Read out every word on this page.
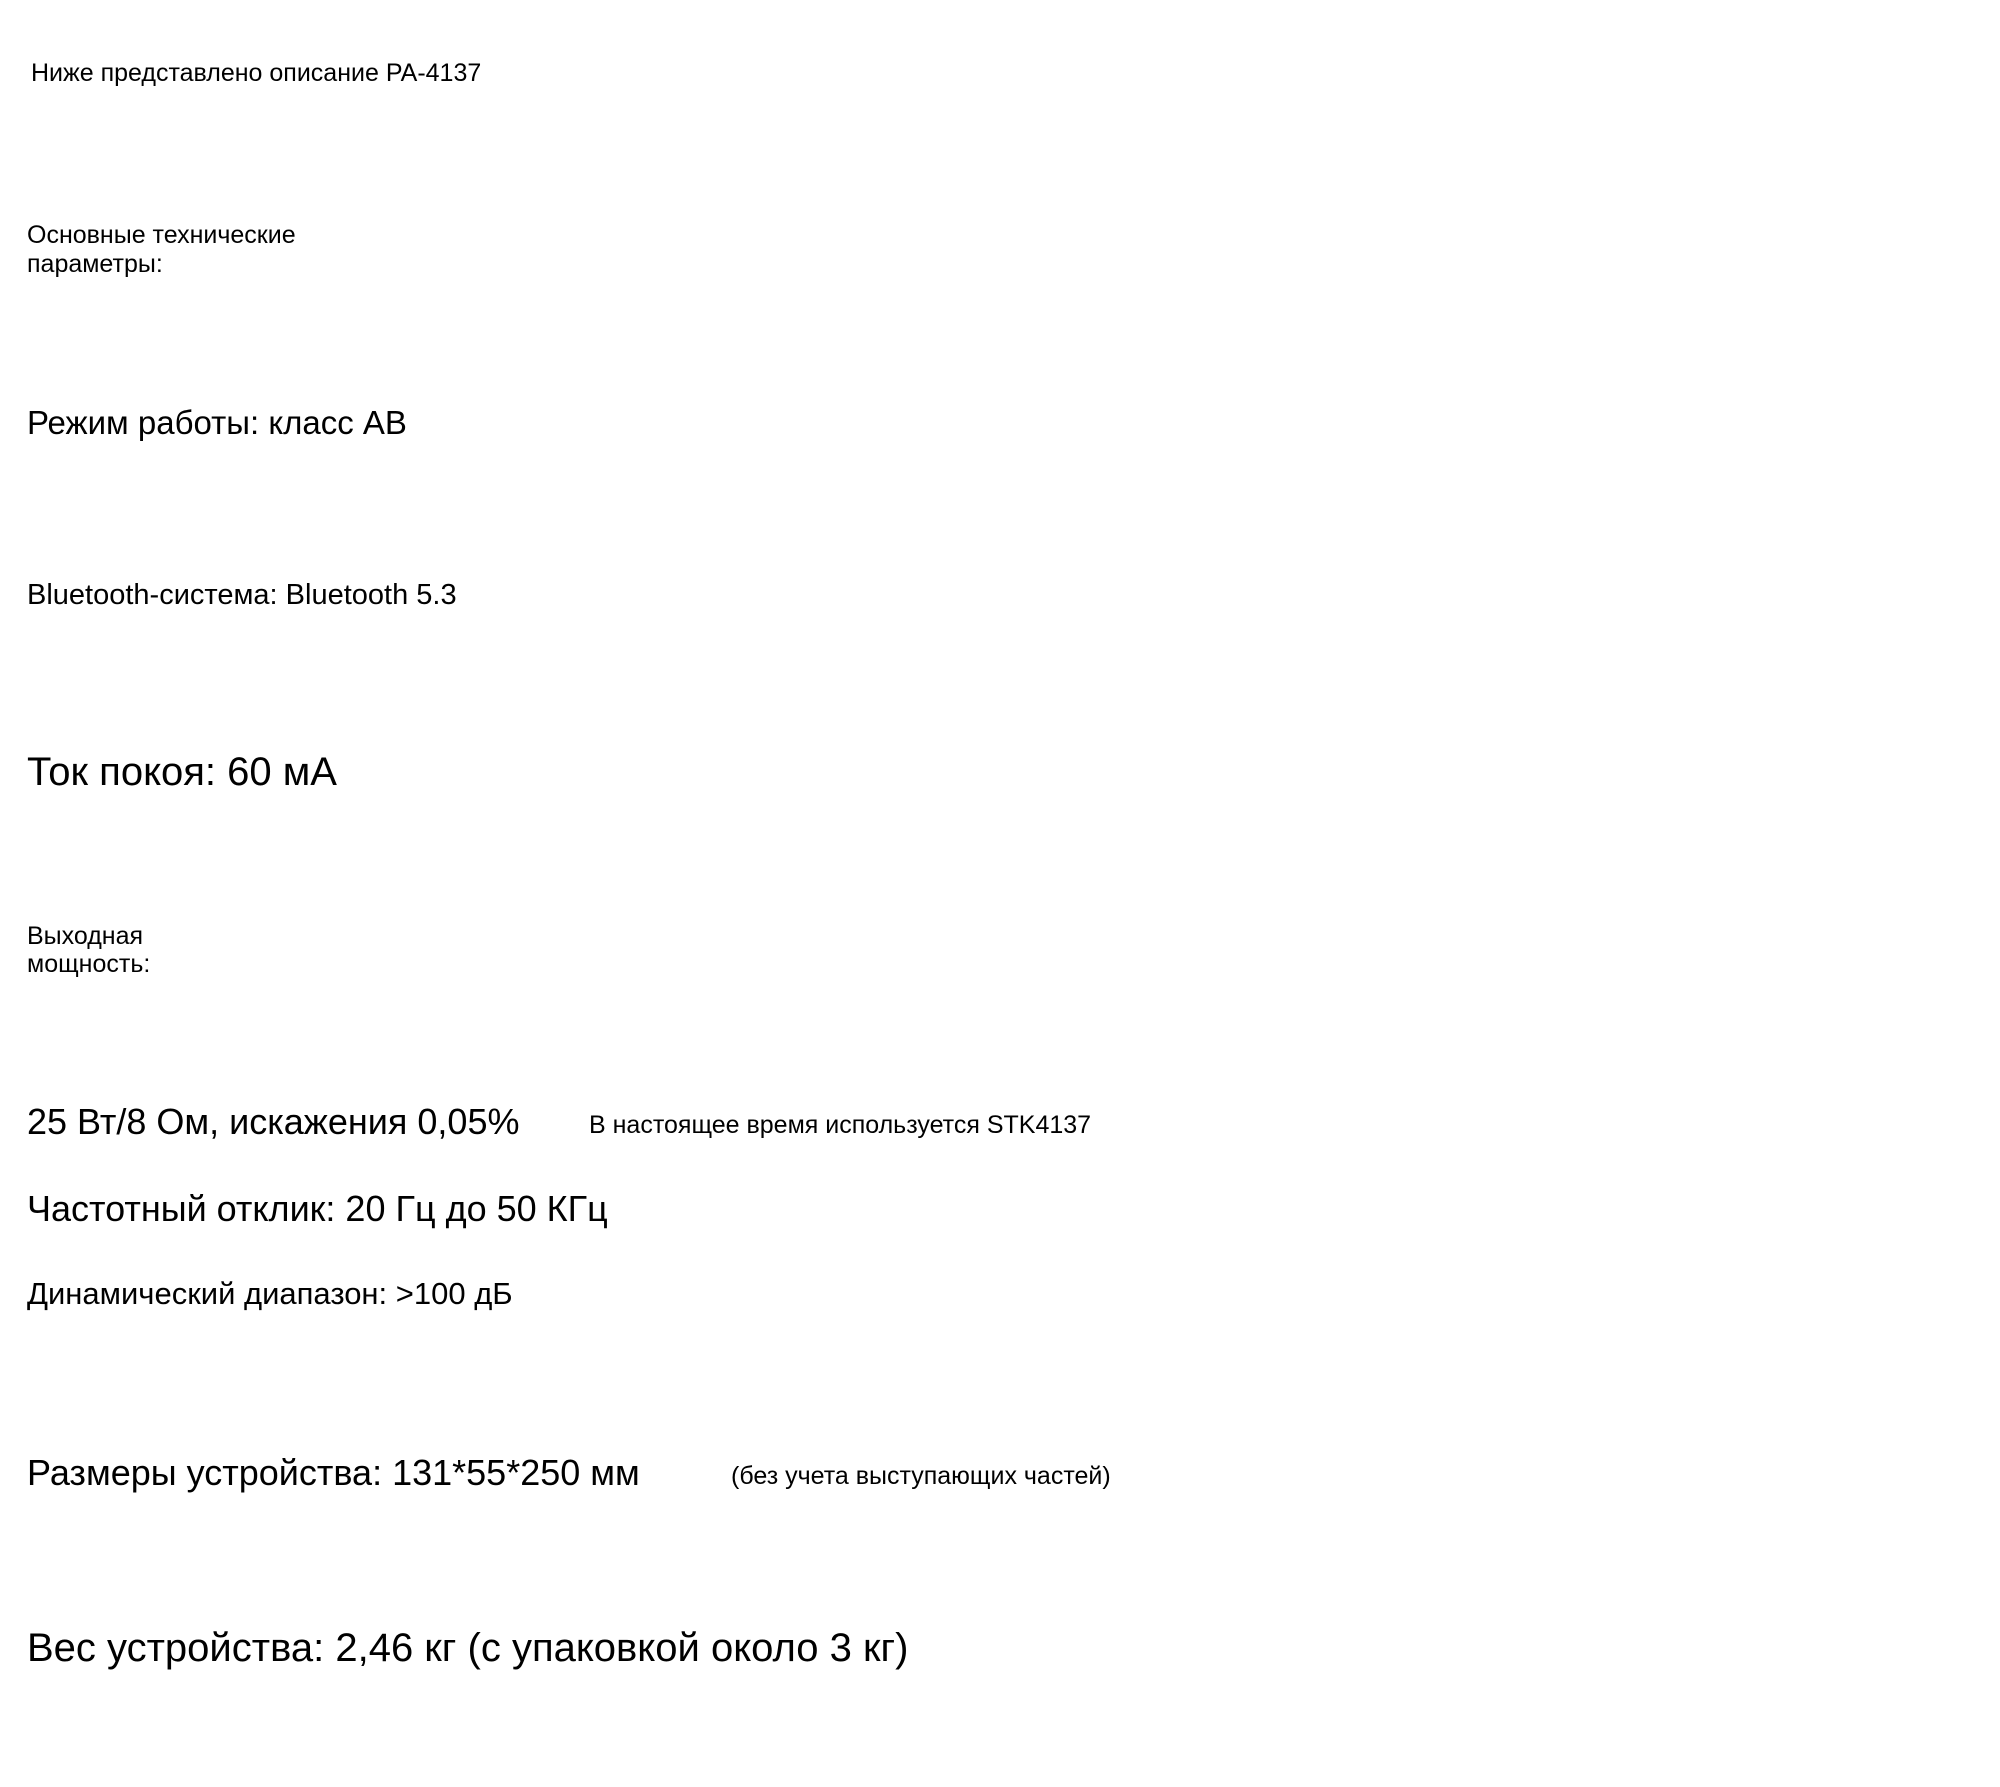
Ниже представлено описание PA-4137

Основные технические параметры:

Режим работы: класс AB

Bluetooth-система: Bluetooth 5.3

Ток покоя: 60 мА

Выходная мощность:

25 Вт/8 Ом, искажения 0,05%	В настоящее время используется STK4137

Частотный отклик: 20 Гц до 50 КГц

Динамический диапазон: >100 дБ

Размеры устройства: 131*55*250 мм	(без учета выступающих частей)

Вес устройства: 2,46 кг (с упаковкой около 3 кг)
